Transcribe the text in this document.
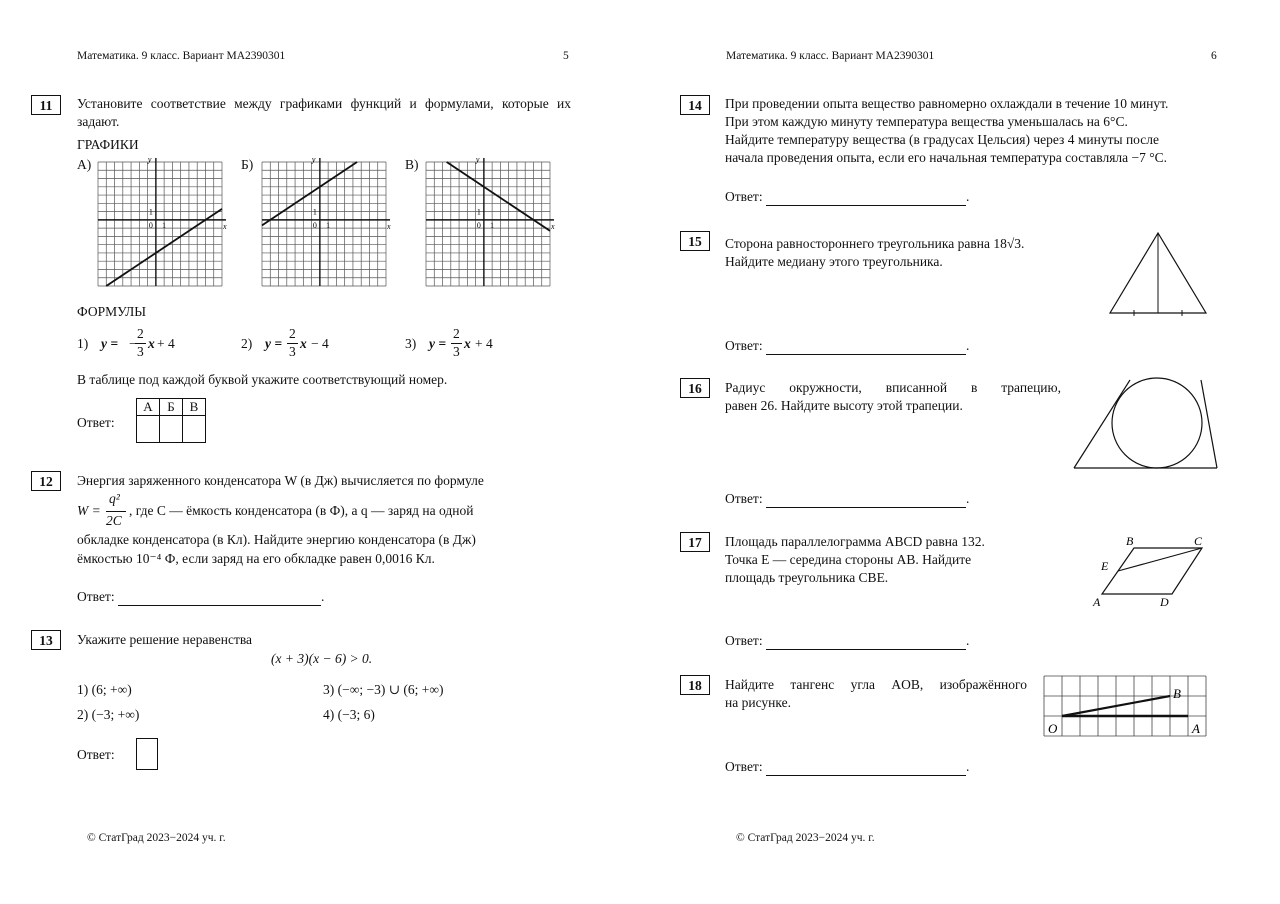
Математика. 9 класс. Вариант МА2390301	5
11	Установите соответствие между графиками функций и формулами, которые их задают.
ГРАФИКИ
А)	Б)	В)
y
x
1
0 1
y
x
1
0 1
y
x
1
0 1
ФОРМУЛЫ
1) y = −
2
3
x + 4	2) y =
2
3
x − 4	3) y =
2
3
x + 4
В таблице под каждой буквой укажите соответствующий номер.
Ответ:
А	Б	В

12	Энергия заряженного конденсатора W (в Дж) вычисляется по формуле
W =
q²
2C
, где C — ёмкость конденсатора (в Ф), а q — заряд на одной
обкладке конденсатора (в Кл). Найдите энергию конденсатора (в Дж)
ёмкостью 10⁻⁴ Ф, если заряд на его обкладке равен 0,0016 Кл.
Ответ:	.
13	Укажите решение неравенства
(x + 3)(x − 6) > 0.
1) (6; +∞)
2) (−3; +∞)
3) (−∞; −3) ∪ (6; +∞)
4) (−3; 6)
Ответ:
© СтатГрад 2023−2024 уч. г.
Математика. 9 класс. Вариант МА2390301	6
14	При проведении опыта вещество равномерно охлаждали в течение 10 минут.
При этом каждую минуту температура вещества уменьшалась на 6°C.
Найдите температуру вещества (в градусах Цельсия) через 4 минуты после
начала проведения опыта, если его начальная температура составляла −7 °C.
Ответ:	.
15	Сторона равностороннего треугольника равна 18√3.
Найдите медиану этого треугольника.
Ответ:	.
16	Радиус окружности, вписанной в трапецию,
равен 26. Найдите высоту этой трапеции.
Ответ:	.
17	Площадь параллелограмма ABCD равна 132.
Точка E — середина стороны AB. Найдите
площадь треугольника CBE.
B	C
E
A	D
Ответ:	.
18	Найдите тангенс угла AOB, изображённого
на рисунке.
B
O	A
Ответ:	.
© СтатГрад 2023−2024 уч. г.
